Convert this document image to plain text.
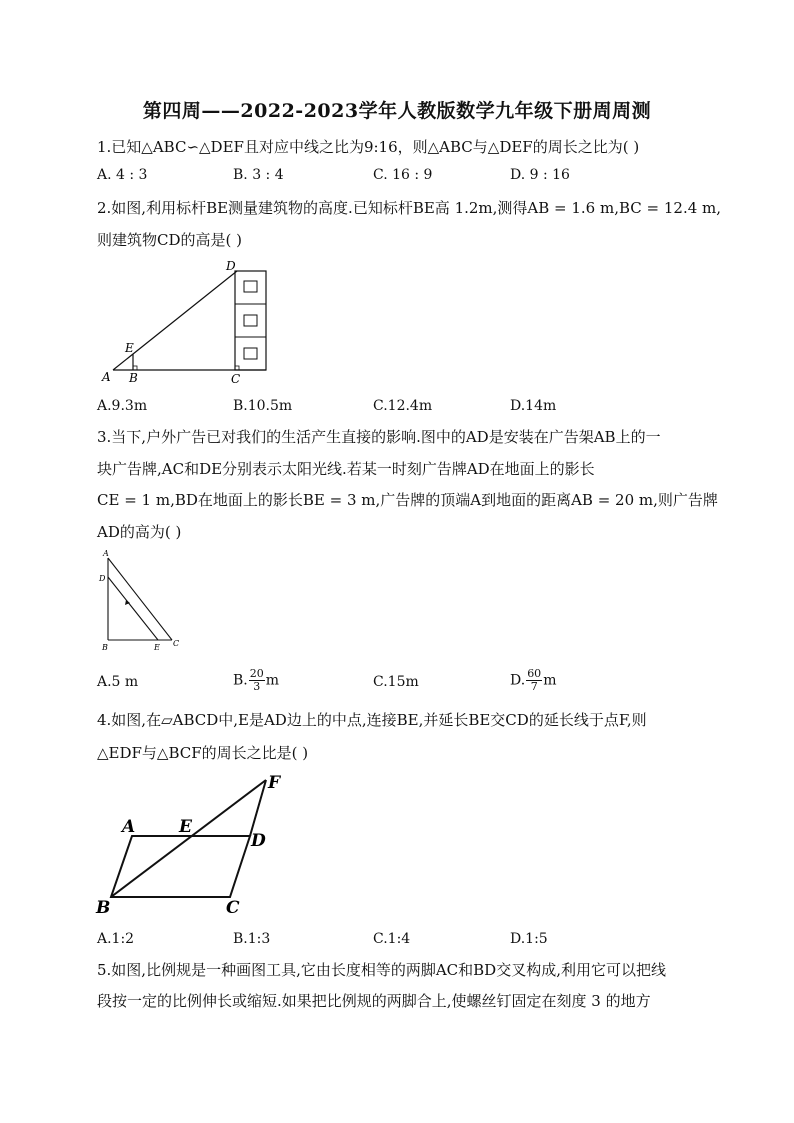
第四周——2022-2023学年人教版数学九年级下册周周测
1.已知△ABC∽△DEF且对应中线之比为9:16，则△ABC与△DEF的周长之比为( )
A. 4 : 3	B. 3 : 4	C. 16 : 9	D. 9 : 16
2.如图,利用标杆BE测量建筑物的高度.已知标杆BE高 1.2m,测得AB = 1.6 m,BC = 12.4 m,
则建筑物CD的高是( )
A B	C
D
E
A.9.3m	B.10.5m	C.12.4m	D.14m
3.当下,户外广告已对我们的生活产生直接的影响.图中的AD是安装在广告架AB上的一
块广告牌,AC和DE分别表示太阳光线.若某一时刻广告牌AD在地面上的影长
CE = 1 m,BD在地面上的影长BE = 3 m,广告牌的顶端A到地面的距离AB = 20 m,则广告牌
AD的高为( )
A
D
B	E C
A.5 m	B. $\frac{20}{3}$ m	C.15m	D. $\frac{60}{7}$ m
4.如图,在▱ABCD中,E是AD边上的中点,连接BE,并延长BE交CD的延长线于点F,则
△EDF与△BCF的周长之比是( )
A	E
D
F
B	C
A.1:2	B.1:3	C.1:4	D.1:5
5.如图,比例规是一种画图工具,它由长度相等的两脚AC和BD交叉构成,利用它可以把线
段按一定的比例伸长或缩短.如果把比例规的两脚合上,使螺丝钉固定在刻度 3 的地方
